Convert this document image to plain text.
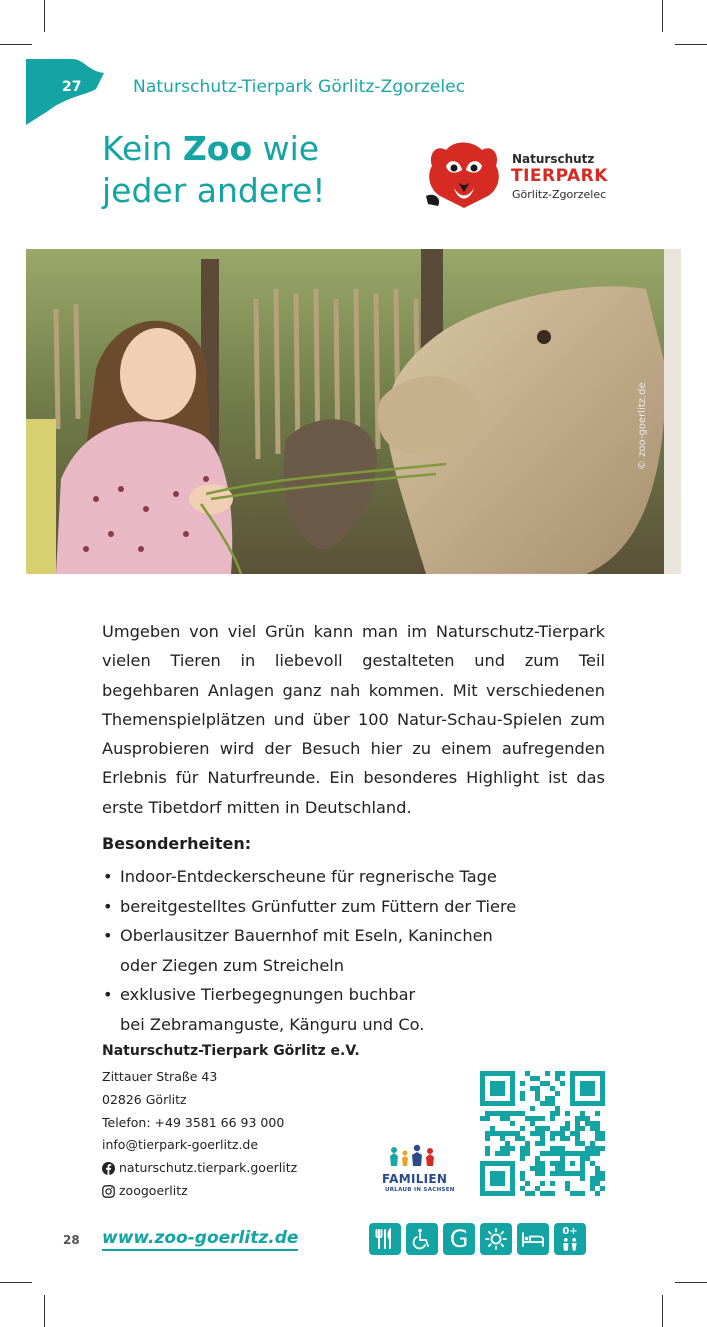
27	Naturschutz-Tierpark Görlitz-Zgorzelec
Kein Zoo wie
jeder andere!
Naturschutz
TIERPARK
Görlitz-Zgorzelec
© zoo-goerlitz.de
Umgeben von viel Grün kann man im Naturschutz-Tierpark vielen Tieren in liebevoll gestalteten und zum Teil begehbaren Anlagen ganz nah kommen. Mit verschiedenen Themenspielplätzen und über 100 Natur-Schau-Spielen zum Ausprobieren wird der Besuch hier zu einem aufregenden Erlebnis für Naturfreunde. Ein besonderes Highlight ist das erste Tibetdorf mitten in Deutschland.
Besonderheiten:
• Indoor-Entdeckerscheune für regnerische Tage
• bereitgestelltes Grünfutter zum Füttern der Tiere
• Oberlausitzer Bauernhof mit Eseln, Kaninchen
oder Ziegen zum Streicheln
• exklusive Tierbegegnungen buchbar
bei Zebramanguste, Känguru und Co.
Naturschutz-Tierpark Görlitz e.V.
Zittauer Straße 43
02826 Görlitz
Telefon: +49 3581 66 93 000
info@tierpark-goerlitz.de
naturschutz.tierpark.goerlitz
zoogoerlitz
FAMILIEN
URLAUB IN SACHSEN
28 www.zoo-goerlitz.de	G	0+
